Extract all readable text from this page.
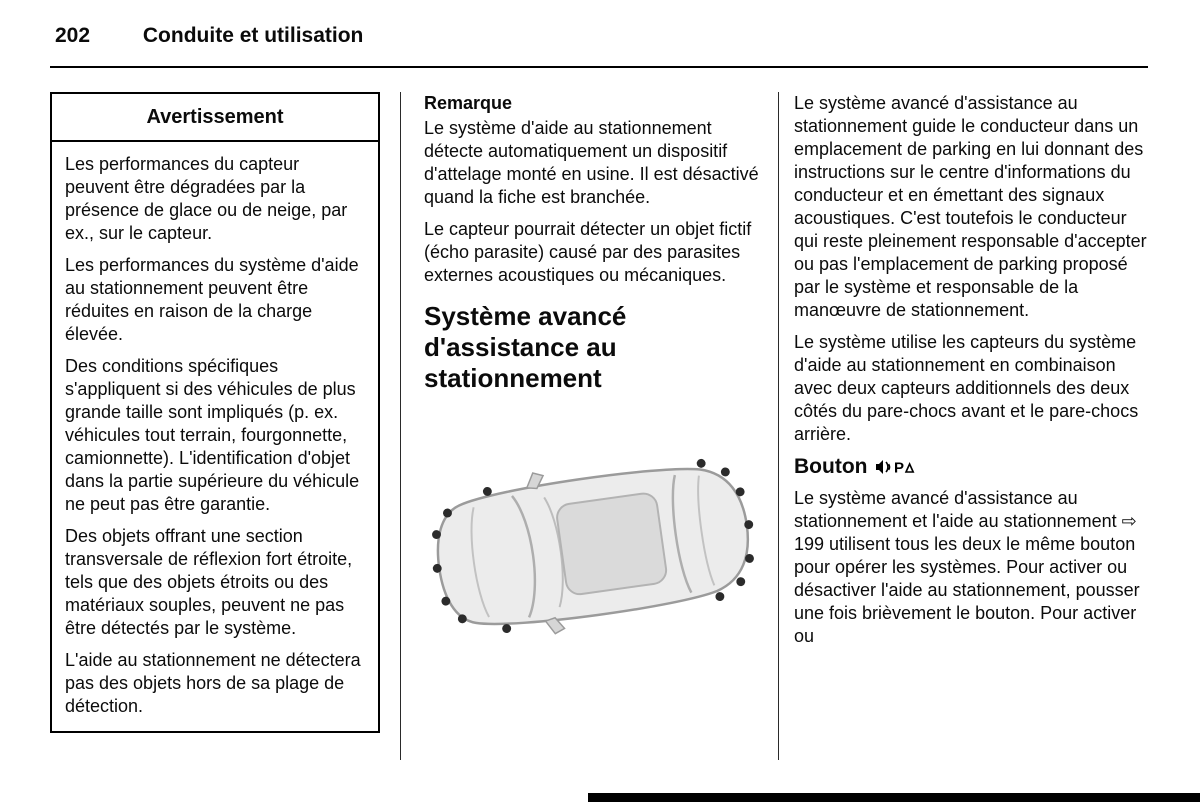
202	Conduite et utilisation
Avertissement

Les performances du capteur peuvent être dégradées par la présence de glace ou de neige, par ex., sur le capteur.

Les performances du système d'aide au stationnement peuvent être réduites en raison de la charge élevée.

Des conditions spécifiques s'appliquent si des véhicules de plus grande taille sont impliqués (p. ex. véhicules tout terrain, fourgonnette, camionnette). L'identification d'objet dans la partie supérieure du véhicule ne peut pas être garantie.

Des objets offrant une section transversale de réflexion fort étroite, tels que des objets étroits ou des matériaux souples, peuvent ne pas être détectés par le système.

L'aide au stationnement ne détectera pas des objets hors de sa plage de détection.

Remarque

Le système d'aide au stationnement détecte automatiquement un dispositif d'attelage monté en usine. Il est désactivé quand la fiche est branchée.

Le capteur pourrait détecter un objet fictif (écho parasite) causé par des parasites externes acoustiques ou mécaniques.

Système avancé
d'assistance au
stationnement

Le système avancé d'assistance au stationnement guide le conducteur dans un emplacement de parking en lui donnant des instructions sur le centre d'informations du conducteur et en émettant des signaux acoustiques. C'est toutefois le conducteur qui reste pleinement responsable d'accepter ou pas l'emplacement de parking proposé par le système et responsable de la manœuvre de stationnement.

Le système utilise les capteurs du système d'aide au stationnement en combinaison avec deux capteurs additionnels des deux côtés du pare-chocs avant et le pare-chocs arrière.

Bouton P

Le système avancé d'assistance au stationnement et l'aide au stationnement ⇨ 199 utilisent tous les deux le même bouton pour opérer les systèmes. Pour activer ou désactiver l'aide au stationnement, pousser une fois brièvement le bouton. Pour activer ou
